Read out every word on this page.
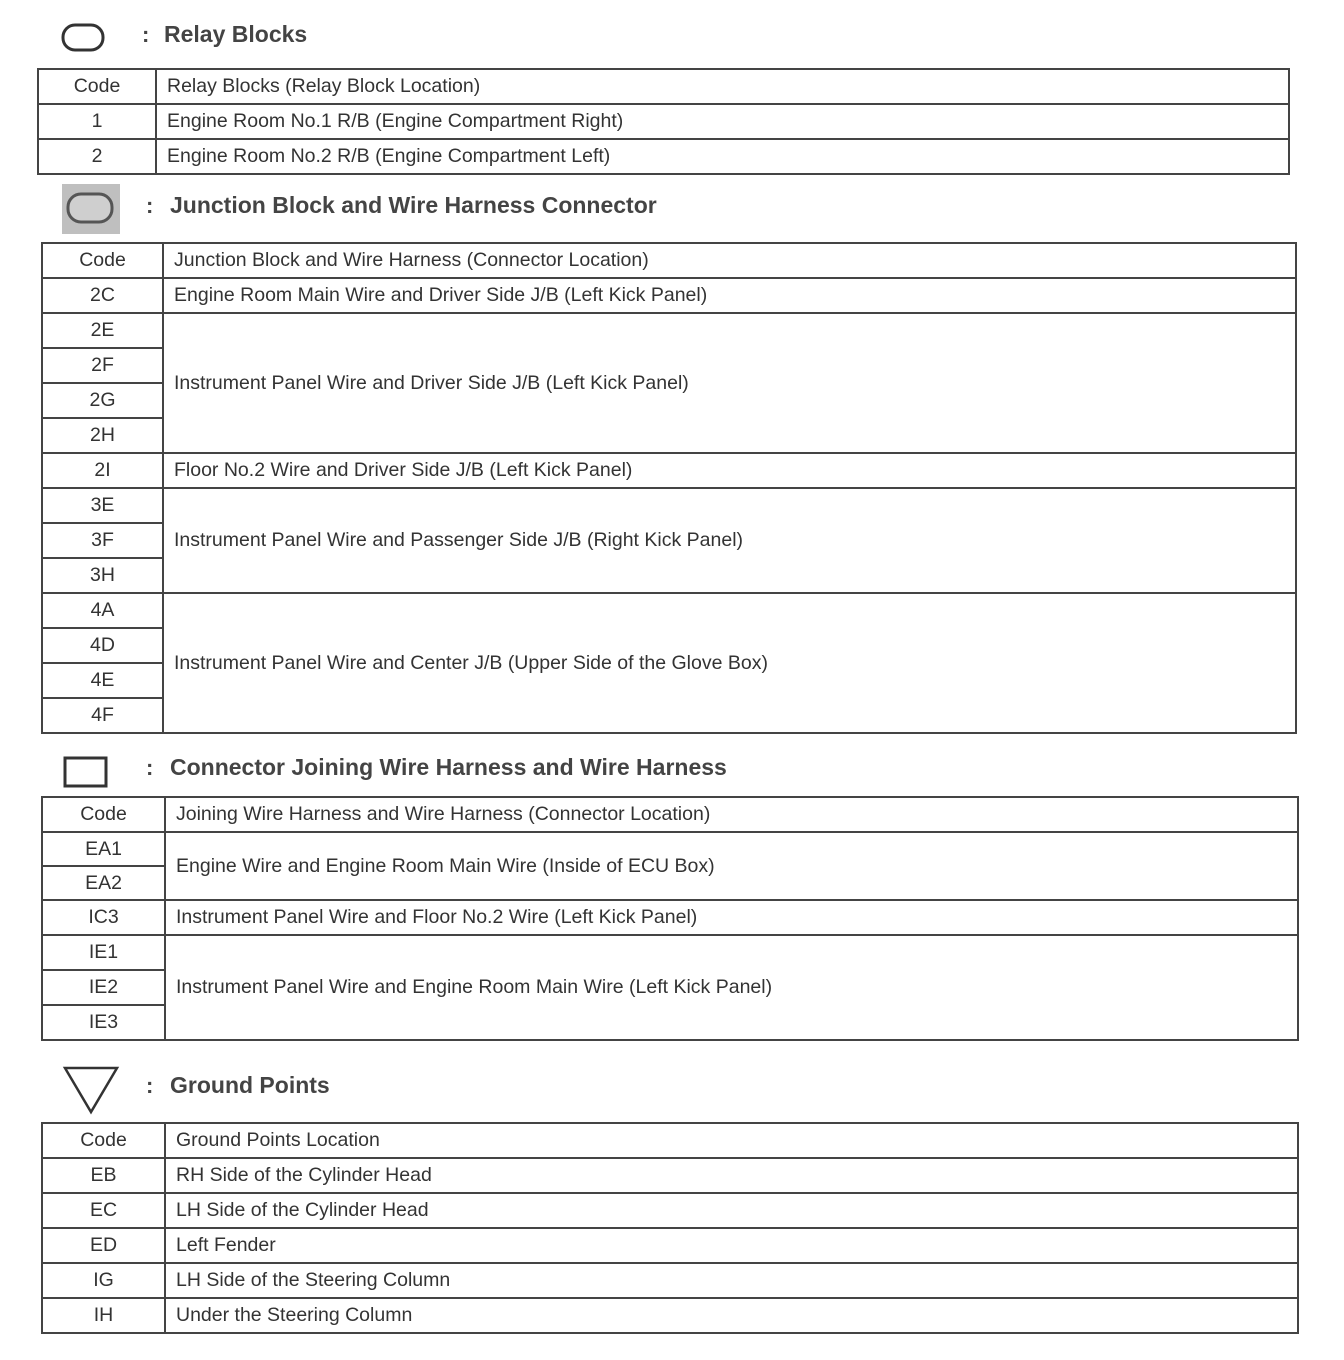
: Relay Blocks
Code	Relay Blocks (Relay Block Location)
1	Engine Room No.1 R/B (Engine Compartment Right)
2	Engine Room No.2 R/B (Engine Compartment Left)
: Junction Block and Wire Harness Connector
Code	Junction Block and Wire Harness (Connector Location)
2C	Engine Room Main Wire and Driver Side J/B (Left Kick Panel)
2E	Instrument Panel Wire and Driver Side J/B (Left Kick Panel)
2F	
2G	
2H	
2I	Floor No.2 Wire and Driver Side J/B (Left Kick Panel)
3E	Instrument Panel Wire and Passenger Side J/B (Right Kick Panel)
3F	
3H	
4A	Instrument Panel Wire and Center J/B (Upper Side of the Glove Box)
4D	
4E	
4F	
: Connector Joining Wire Harness and Wire Harness
Code	Joining Wire Harness and Wire Harness (Connector Location)
EA1	Engine Wire and Engine Room Main Wire (Inside of ECU Box)
EA2	
IC3	Instrument Panel Wire and Floor No.2 Wire (Left Kick Panel)
IE1	Instrument Panel Wire and Engine Room Main Wire (Left Kick Panel)
IE2	
IE3	
: Ground Points
Code	Ground Points Location
EB	RH Side of the Cylinder Head
EC	LH Side of the Cylinder Head
ED	Left Fender
IG	LH Side of the Steering Column
IH	Under the Steering Column
